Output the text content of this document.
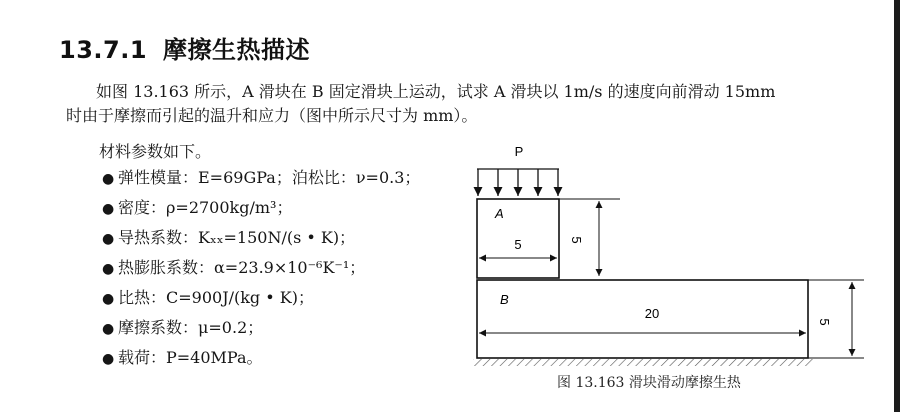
13.7.1 摩擦生热描述
如图 13.163 所示，A 滑块在 B 固定滑块上运动，试求 A 滑块以 1m/s 的速度向前滑动 15mm
时由于摩擦而引起的温升和应力（图中所示尺寸为 mm）。
材料参数如下。
● 弹性模量：E=69GPa；泊松比：ν=0.3；
● 密度：ρ=2700kg/m³；
● 导热系数：Kₓₓ=150N/(s • K)；
● 热膨胀系数：α=23.9×10⁻⁶K⁻¹；
● 比热：C=900J/(kg • K)；
● 摩擦系数：μ=0.2；
● 载荷：P=40MPa。
P
A
5	5
B
20
5
图 13.163 滑块滑动摩擦生热
